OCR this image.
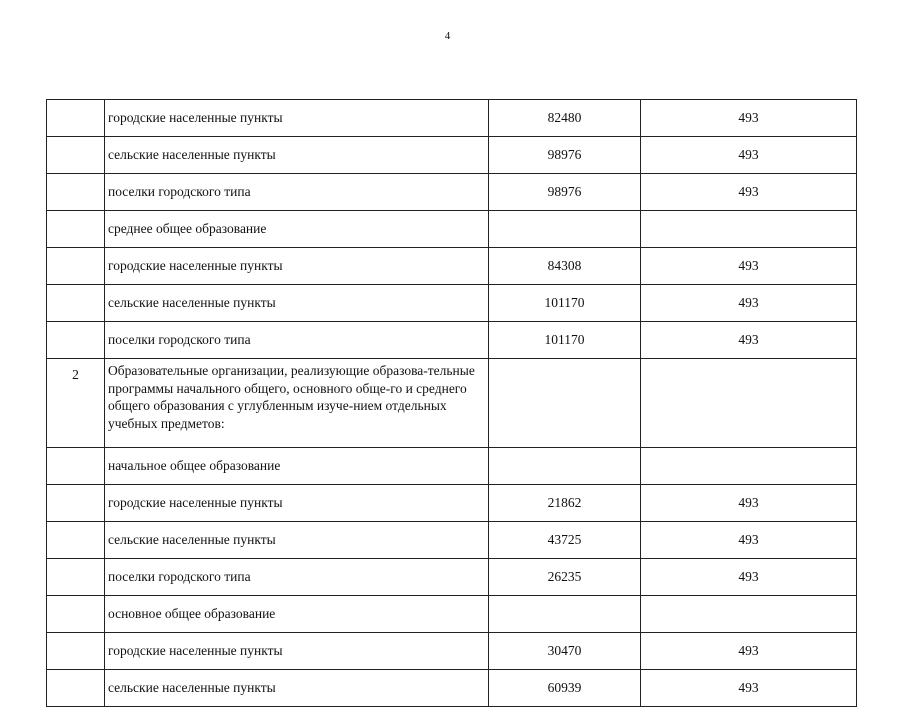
4
	городские населенные пункты	82480	493
	сельские населенные пункты	98976	493
	поселки городского типа	98976	493
	среднее общее образование		
	городские населенные пункты	84308	493
	сельские населенные пункты	101170	493
	поселки городского типа	101170	493
2	Образовательные организации, реализующие образова-тельные программы начального общего, основного обще-го и среднего общего образования с углубленным изуче-нием отдельных учебных предметов:		
	начальное общее образование		
	городские населенные пункты	21862	493
	сельские населенные пункты	43725	493
	поселки городского типа	26235	493
	основное общее образование		
	городские населенные пункты	30470	493
	сельские населенные пункты	60939	493
